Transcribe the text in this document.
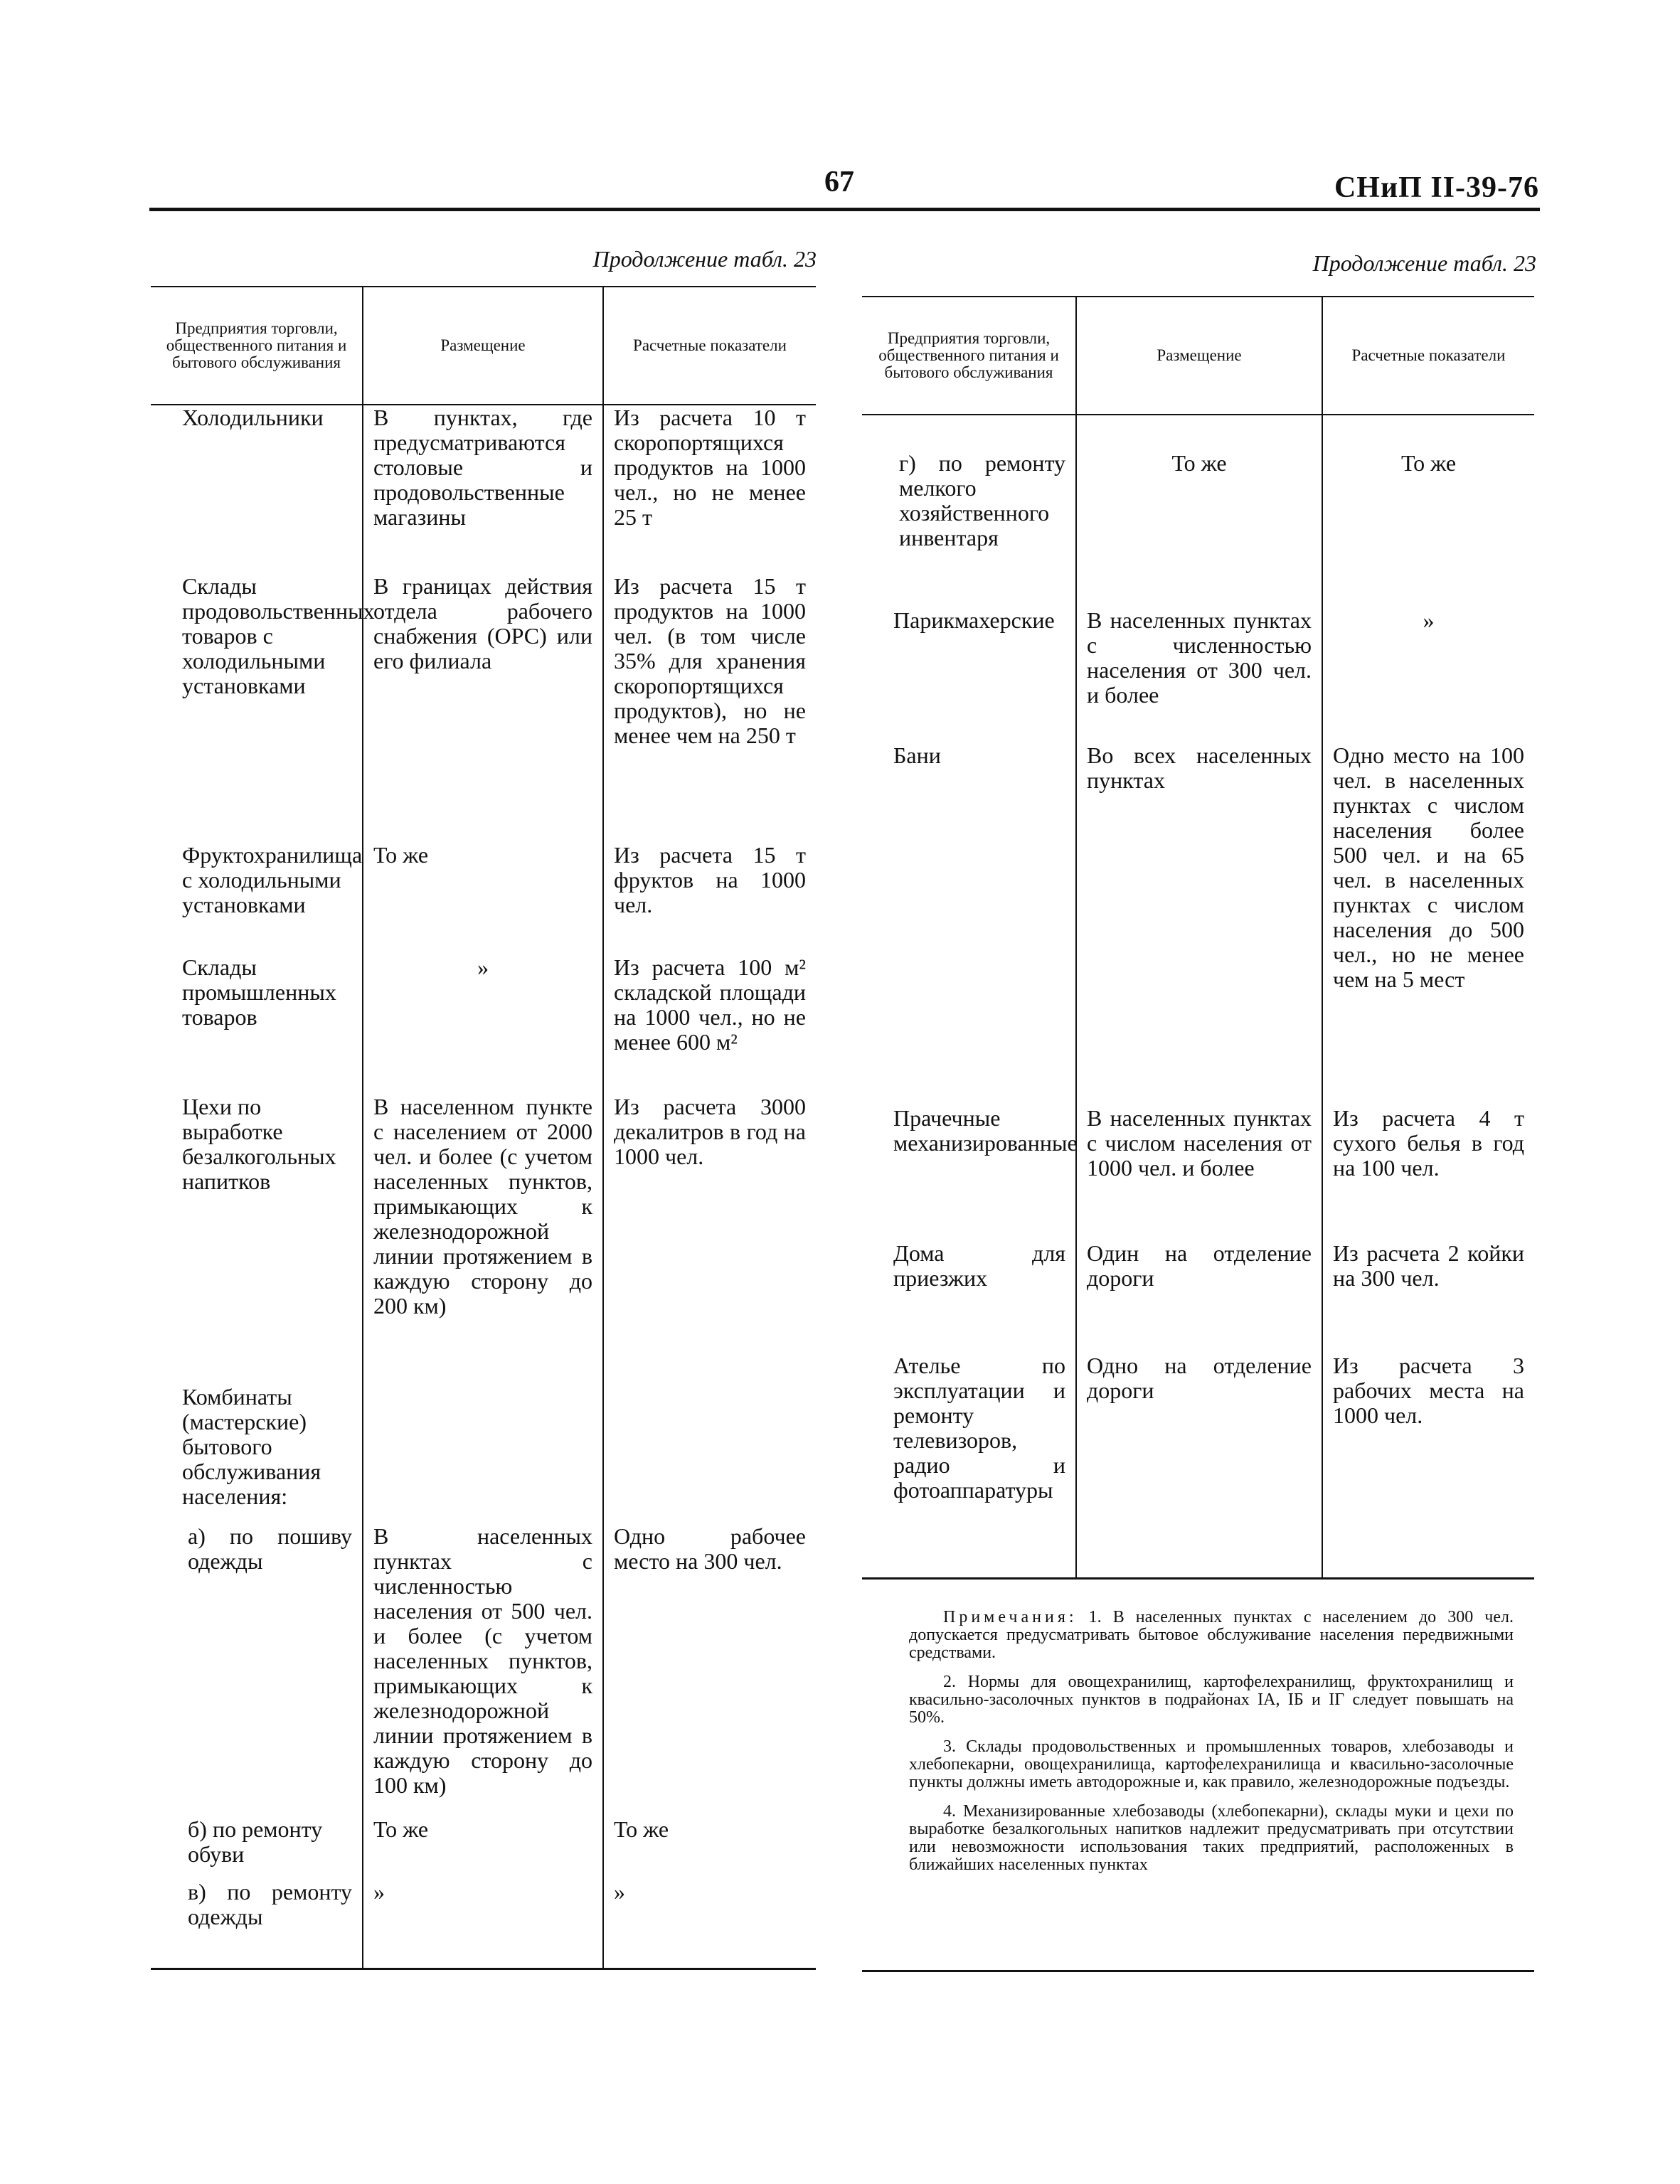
67	СНиП II-39-76
Продолжение табл. 23	Продолжение табл. 23
Предприятия торговли, общественного питания и бытового обслуживания	Размещение	Расчетные показатели
Холодильники	В пунктах, где предусматриваются столовые и продовольственные магазины	Из расчета 10 т скоропортящихся продуктов на 1000 чел., но не менее 25 т
Склады продовольственных товаров с холодильными установками	В границах действия отдела рабочего снабжения (ОРС) или его филиала	Из расчета 15 т продуктов на 1000 чел. (в том числе 35% для хранения скоропортящихся продуктов), но не менее чем на 250 т
Фруктохранилища с холодильными установками	То же	Из расчета 15 т фруктов на 1000 чел.
Склады промышленных товаров	»	Из расчета 100 м² складской площади на 1000 чел., но не менее 600 м²
Цехи по выработке безалкогольных напитков	В населенном пункте с населением от 2000 чел. и более (с учетом населенных пунктов, примыкающих к железнодорожной линии протяжением в каждую сторону до 200 км)	Из расчета 3000 декалитров в год на 1000 чел.
Комбинаты (мастерские) бытового обслуживания населения:		
а) по пошиву одежды	В населенных пунктах с численностью населения от 500 чел. и более (с учетом населенных пунктов, примыкающих к железнодорожной линии протяжением в каждую сторону до 100 км)	Одно рабочее место на 300 чел.
б) по ремонту обуви	То же	То же
в) по ремонту одежды	»	»
Предприятия торговли, общественного питания и бытового обслуживания	Размещение	Расчетные показатели
г) по ремонту мелкого хозяйственного инвентаря	То же	То же
Парикмахерские	В населенных пунктах с численностью населения от 300 чел. и более	»
Бани	Во всех населенных пунктах	Одно место на 100 чел. в населенных пунктах с числом населения более 500 чел. и на 65 чел. в населенных пунктах с числом населения до 500 чел., но не менее чем на 5 мест
Прачечные механизированные	В населенных пунктах с числом населения от 1000 чел. и более	Из расчета 4 т сухого белья в год на 100 чел.
Дома для приезжих	Один на отделение дороги	Из расчета 2 койки на 300 чел.
Ателье по эксплуатации и ремонту телевизоров, радио и фотоаппаратуры	Одно на отделение дороги	Из расчета 3 рабочих места на 1000 чел.

Примечания: 1. В населенных пунктах с населением до 300 чел. допускается предусматривать бытовое обслуживание населения передвижными средствами.

2. Нормы для овощехранилищ, картофелехранилищ, фруктохранилищ и квасильно-засолочных пунктов в подрайонах IA, IБ и IГ следует повышать на 50%.

3. Склады продовольственных и промышленных товаров, хлебозаводы и хлебопекарни, овощехранилища, картофелехранилища и квасильно-засолочные пункты должны иметь автодорожные и, как правило, железнодорожные подъезды.

4. Механизированные хлебозаводы (хлебопекарни), склады муки и цехи по выработке безалкогольных напитков надлежит предусматривать при отсутствии или невозможности использования таких предприятий, расположенных в ближайших населенных пунктах
